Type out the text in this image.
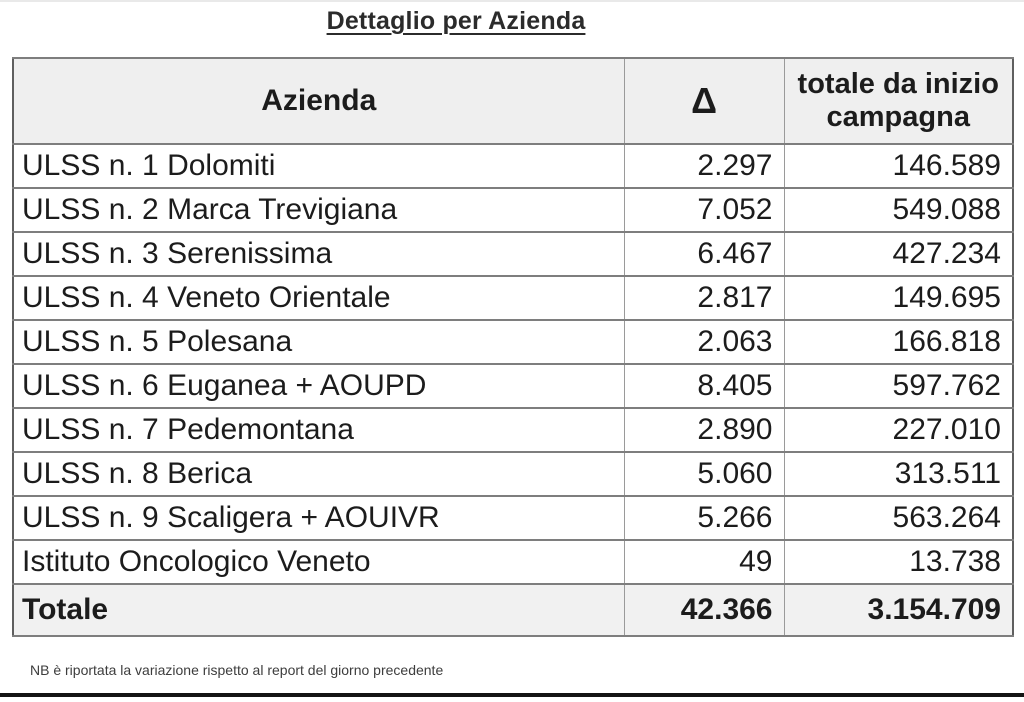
Dettaglio per Azienda
Azienda	Δ	totale da inizio campagna
ULSS n. 1 Dolomiti	2.297	146.589
ULSS n. 2 Marca Trevigiana	7.052	549.088
ULSS n. 3 Serenissima	6.467	427.234
ULSS n. 4 Veneto Orientale	2.817	149.695
ULSS n. 5 Polesana	2.063	166.818
ULSS n. 6 Euganea + AOUPD	8.405	597.762
ULSS n. 7 Pedemontana	2.890	227.010
ULSS n. 8 Berica	5.060	313.511
ULSS n. 9 Scaligera + AOUIVR	5.266	563.264
Istituto Oncologico Veneto	49	13.738
Totale	42.366	3.154.709
NB è riportata la variazione rispetto al report del giorno precedente
